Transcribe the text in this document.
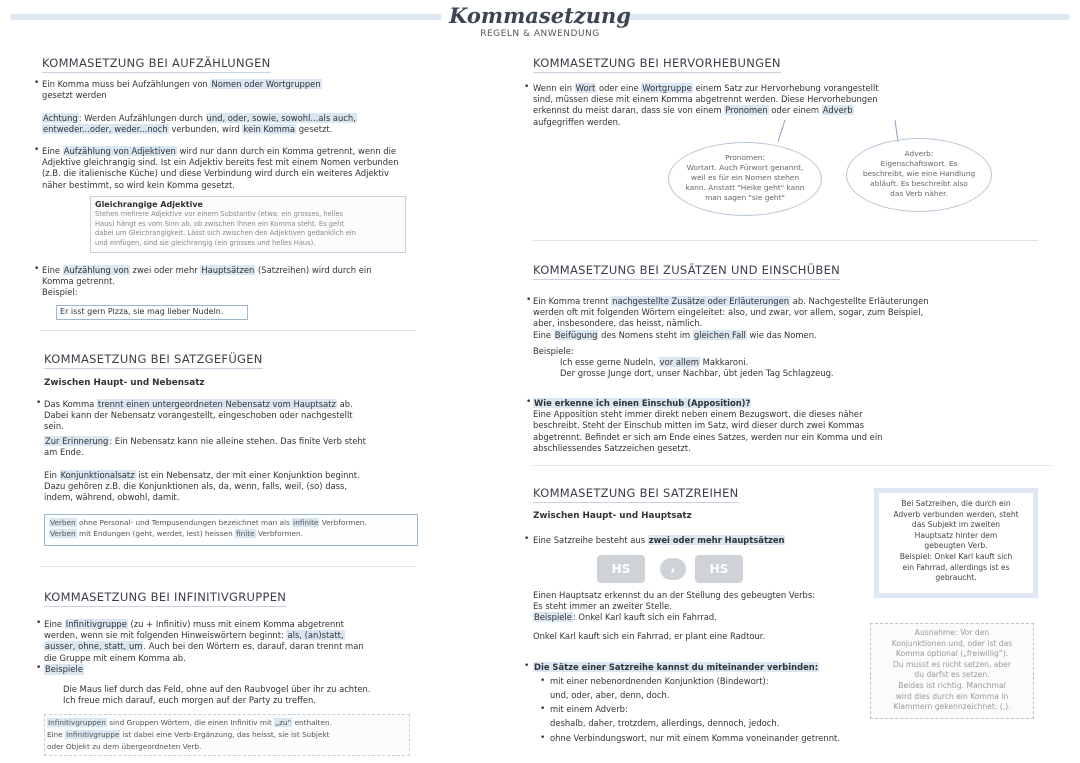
Kommasetzung
REGELN & ANWENDUNG
KOMMASETZUNG BEI AUFZÄHLUNGEN
• Ein Komma muss bei Aufzählungen von Nomen oder Wortgruppen

gesetzt werden

Achtung: Werden Aufzählungen durch und, oder, sowie, sowohl...als auch,

entweder...oder, weder...noch verbunden, wird kein Komma gesetzt.

• Eine Aufzählung von Adjektiven wird nur dann durch ein Komma getrennt, wenn die

Adjektive gleichrangig sind. Ist ein Adjektiv bereits fest mit einem Nomen verbunden

(z.B. die italienische Küche) und diese Verbindung wird durch ein weiteres Adjektiv

näher bestimmt, so wird kein Komma gesetzt.

Gleichrangige Adjektive

Stehen mehrere Adjektive vor einem Substantiv (etwa: ein grosses, helles

Haus) hängt es vom Sinn ab, ob zwischen ihnen ein Komma steht. Es geht

dabei um Gleichrangigkeit. Lässt sich zwischen den Adjektiven gedanklich ein

und einfügen, sind sie gleichrangig (ein grosses und helles Haus).

• Eine Aufzählung von zwei oder mehr Hauptsätzen (Satzreihen) wird durch ein

Komma getrennt.

Beispiel:

Er isst gern Pizza, sie mag lieber Nudeln.
KOMMASETZUNG BEI SATZGEFÜGEN
Zwischen Haupt- und Nebensatz
• Das Komma trennt einen untergeordneten Nebensatz vom Hauptsatz ab.

Dabei kann der Nebensatz vorangestellt, eingeschoben oder nachgestellt

sein.

Zur Erinnerung: Ein Nebensatz kann nie alleine stehen. Das finite Verb steht

am Ende.

Ein Konjunktionalsatz ist ein Nebensatz, der mit einer Konjunktion beginnt.

Dazu gehören z.B. die Konjunktionen als, da, wenn, falls, weil, (so) dass,

indem, während, obwohl, damit.

Verben ohne Personal- und Tempusendungen bezeichnet man als infinite Verbformen.

Verben mit Endungen (geht, werdet, lest) heissen finite Verbformen.

KOMMASETZUNG BEI INFINITIVGRUPPEN
• Eine Infinitivgruppe (zu + Infinitiv) muss mit einem Komma abgetrennt

werden, wenn sie mit folgenden Hinweiswörtern beginnt: als, (an)statt,

ausser, ohne, statt, um. Auch bei den Wörtern es, darauf, daran trennt man

die Gruppe mit einem Komma ab.

Beispiele

•

Die Maus lief durch das Feld, ohne auf den Raubvogel über ihr zu achten.

Ich freue mich darauf, euch morgen auf der Party zu treffen.

Infinitivgruppen sind Gruppen Wörtern, die einen Infinitiv mit „zu“ enthalten.

Eine Infinitivgruppe ist dabei eine Verb-Ergänzung, das heisst, sie ist Subjekt

oder Objekt zu dem übergeordneten Verb.

KOMMASETZUNG BEI HERVORHEBUNGEN
• Wenn ein Wort oder eine Wortgruppe einem Satz zur Hervorhebung vorangestellt

sind, müssen diese mit einem Komma abgetrennt werden. Diese Hervorhebungen

erkennst du meist daran, dass sie von einem Pronomen oder einem Adverb

aufgegriffen werden.

Pronomen:
Wortart. Auch Fürwort genannt,
weil es für ein Nomen stehen
kann. Anstatt "Heike geht" kann
man sagen "sie geht"
Adverb:
Eigenschaftswort. Es
beschreibt, wie eine Handlung
abläuft. Es beschreibt also
das Verb näher.
KOMMASETZUNG BEI ZUSÄTZEN UND EINSCHÜBEN
• Ein Komma trennt nachgestellte Zusätze oder Erläuterungen ab. Nachgestellte Erläuterungen

werden oft mit folgenden Wörtern eingeleitet: also, und zwar, vor allem, sogar, zum Beispiel,

aber, insbesondere, das heisst, nämlich.

Eine Beifügung des Nomens steht im gleichen Fall wie das Nomen.

Beispiele:

Ich esse gerne Nudeln, vor allem Makkaroni.

Der grosse Junge dort, unser Nachbar, übt jeden Tag Schlagzeug.

• Wie erkenne ich einen Einschub (Apposition)?

Eine Apposition steht immer direkt neben einem Bezugswort, die dieses näher

beschreibt. Steht der Einschub mitten im Satz, wird dieser durch zwei Kommas

abgetrennt. Befindet er sich am Ende eines Satzes, werden nur ein Komma und ein

abschliessendes Satzzeichen gesetzt.

KOMMASETZUNG BEI SATZREIHEN
Zwischen Haupt- und Hauptsatz
• Eine Satzreihe besteht aus zwei oder mehr Hauptsätzen

HS	,	HS

Einen Hauptsatz erkennst du an der Stellung des gebeugten Verbs:

Es steht immer an zweiter Stelle.

Beispiele: Onkel Karl kauft sich ein Fahrrad.

Onkel Karl kauft sich ein Fahrrad, er plant eine Radtour.
• Die Sätze einer Satzreihe kannst du miteinander verbinden:
• mit einer nebenordnenden Konjunktion (Bindewort):

und, oder, aber, denn, doch.

• mit einem Adverb:

deshalb, daher, trotzdem, allerdings, dennoch, jedoch.

• ohne Verbindungswort, nur mit einem Komma voneinander getrennt.
Bei Satzreihen, die durch ein
Adverb verbunden werden, steht
das Subjekt im zweiten
Hauptsatz hinter dem
gebeugten Verb.
Beispiel: Onkel Karl kauft sich
ein Fahrrad, allerdings ist es
gebraucht.
Ausnahme: Vor den
Konjunktionen und, oder ist das
Komma optional („freiwillig“).
Du musst es nicht setzen, aber
du darfst es setzen.
Beides ist richtig. Manchmal
wird dies durch ein Komma in
Klammern gekennzeichnet: (,).
